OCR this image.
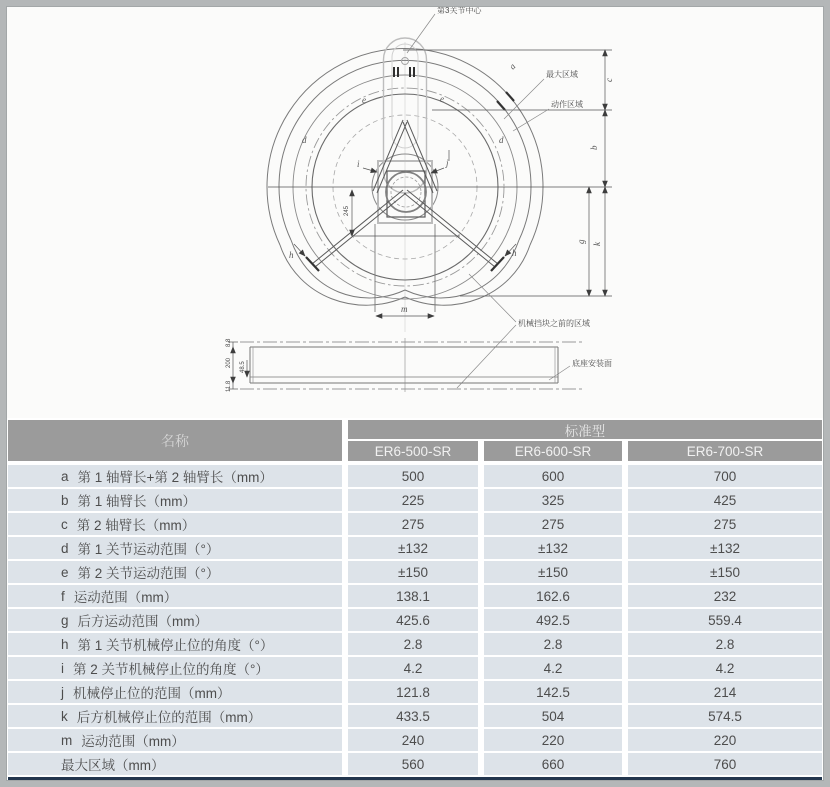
c
b
g k
a
d	d
e	e
h	h
i	j
m
245
第3关节中心
最大区域
动作区域
机械挡块之前的区域
底座安装面
200
8.8
11.8
48.5
名称
标准型
ER6-500-SR	ER6-600-SR	ER6-700-SR
a 第 1 轴臂长+第 2 轴臂长（mm）	500	600	700
b 第 1 轴臂长（mm）	225	325	425
c 第 2 轴臂长（mm）	275	275	275
d 第 1 关节运动范围（°）	±132	±132	±132
e 第 2 关节运动范围（°）	±150	±150	±150
f 运动范围（mm）	138.1	162.6	232
g 后方运动范围（mm）	425.6	492.5	559.4
h 第 1 关节机械停止位的角度（°）	2.8	2.8	2.8
i 第 2 关节机械停止位的角度（°）	4.2	4.2	4.2
j 机械停止位的范围（mm）	121.8	142.5	214
k 后方机械停止位的范围（mm）	433.5	504	574.5
m 运动范围（mm）	240	220	220
最大区域（mm）	560	660	760
